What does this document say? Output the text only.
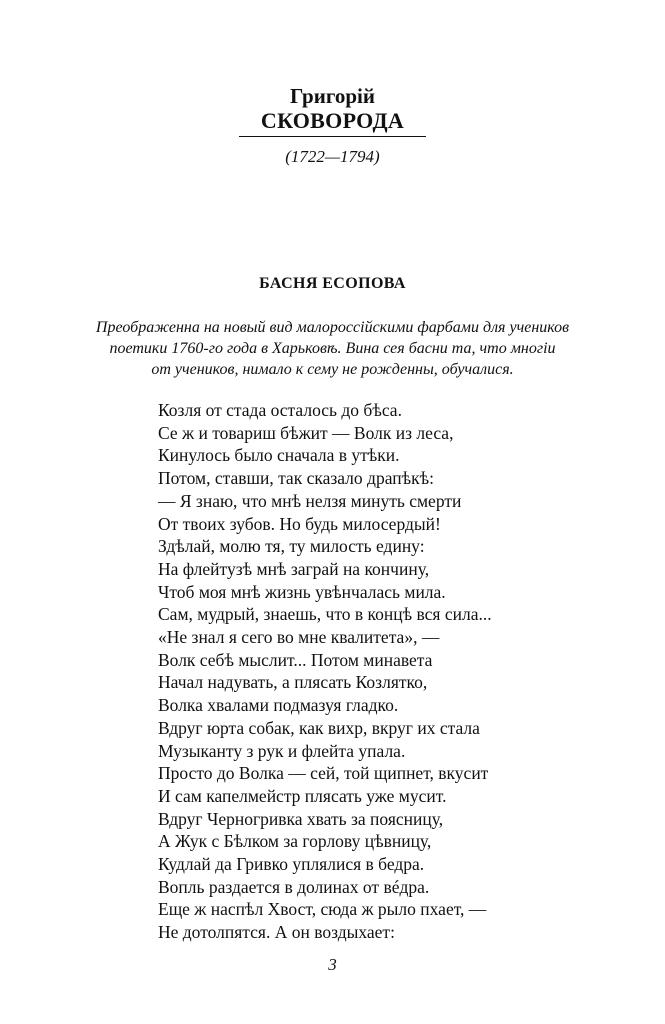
Григорій
СКОВОРОДА
(1722—1794)
БАСНЯ ЕСОПОВА
Преображенна на новый вид малороссійскими фарбами для учеников
поетики 1760-го года в Харьковѣ. Вина сея басни та, что многіи
от учеников, нимало к сему не рожденны, обучалися.
Козля от стада осталось до бѣса.
Се ж и товариш бѣжит — Волк из леса,
Кинулось было сначала в утѣки.
Потом, ставши, так сказало драпѣкѣ:
— Я знаю, что мнѣ нелзя минуть смерти
От твоих зубов. Но будь милосердый!
Здѣлай, молю тя, ту милость едину:
На флейтузѣ мнѣ заграй на кончину,
Чтоб моя мнѣ жизнь увѣнчалась мила.
Сам, мудрый, знаешь, что в концѣ вся сила...
«Не знал я сего во мне квалитета», —
Волк себѣ мыслит... Потом минавета
Начал надувать, а плясать Козлятко,
Волка хвалами подмазуя гладко.
Вдруг юрта собак, как вихр, вкруг их стала
Музыканту з рук и флейта упала.
Просто до Волка — сей, той щипнет, вкусит
И сам капелмейстр плясать уже мусит.
Вдруг Черногривка хвать за поясницу,
А Жук с Бѣлком за горлову цѣвницу,
Кудлай да Гривко уплялися в бедра.
Вопль раздается в долинах от вéдра.
Еще ж наспѣл Хвост, сюда ж рыло пхает, —
Не дотолпятся. А он воздыхает:
3
